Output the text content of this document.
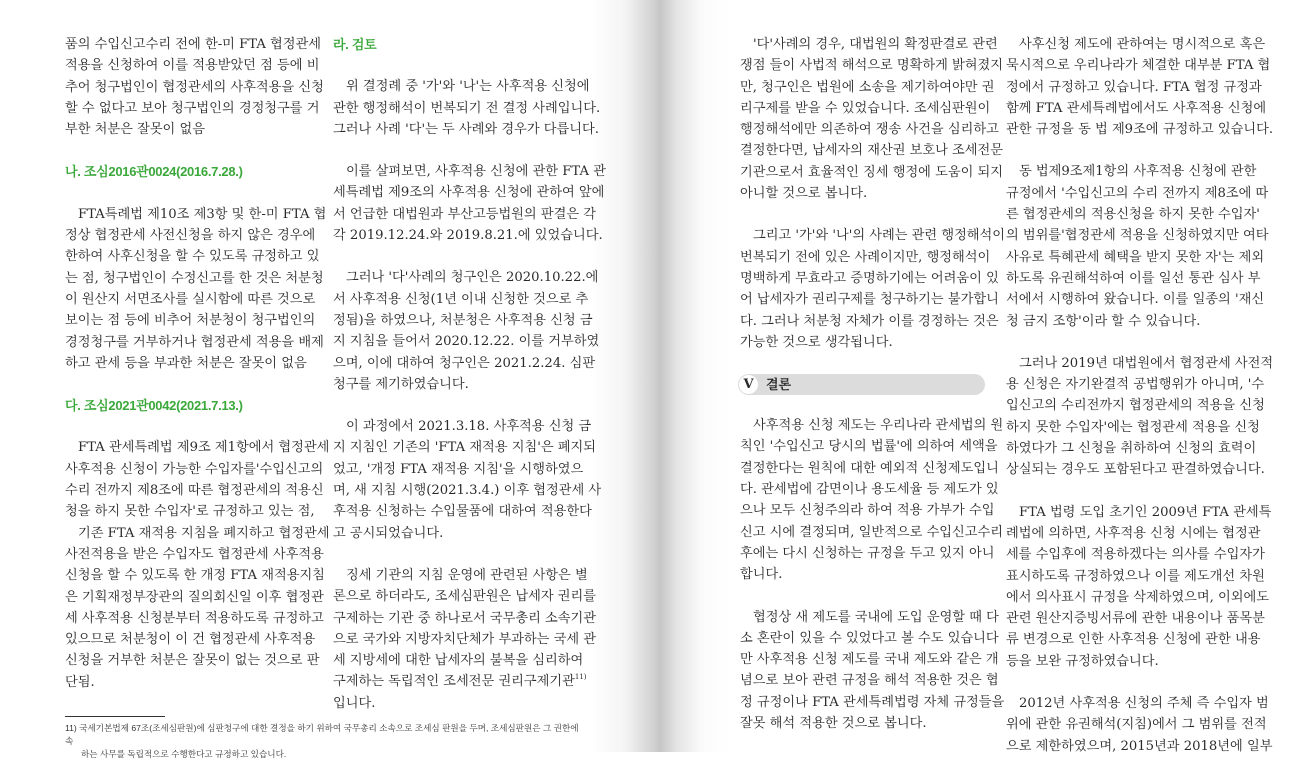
품의 수입신고수리 전에 한-미 FTA 협정관세
적용을 신청하여 이를 적용받았던 점 등에 비
추어 청구법인이 협정관세의 사후적용을 신청
할 수 없다고 보아 청구법인의 경정청구를 거
부한 처분은 잘못이 없음
나. 조심2016관0024(2016.7.28.)
FTA특례법 제10조 제3항 및 한-미 FTA 협
정상 협정관세 사전신청을 하지 않은 경우에
한하여 사후신청을 할 수 있도록 규정하고 있
는 점, 청구법인이 수정신고를 한 것은 처분청
이 원산지 서면조사를 실시함에 따른 것으로
보이는 점 등에 비추어 처분청이 청구법인의
경정청구를 거부하거나 협정관세 적용을 배제
하고 관세 등을 부과한 처분은 잘못이 없음
다. 조심2021관0042(2021.7.13.)
FTA 관세특례법 제9조 제1항에서 협정관세
사후적용 신청이 가능한 수입자를'수입신고의
수리 전까지 제8조에 따른 협정관세의 적용신
청을 하지 못한 수입자'로 규정하고 있는 점,
기존 FTA 재적용 지침을 폐지하고 협정관세
사전적용을 받은 수입자도 협정관세 사후적용
신청을 할 수 있도록 한 개정 FTA 재적용지침
은 기획재정부장관의 질의회신일 이후 협정관
세 사후적용 신청분부터 적용하도록 규정하고
있으므로 처분청이 이 건 협정관세 사후적용
신청을 거부한 처분은 잘못이 없는 것으로 판
단됨.
라. 검토
위 결정례 중 '가'와 '나'는 사후적용 신청에
관한 행정해석이 번복되기 전 결정 사례입니다.
그러나 사례 '다'는 두 사례와 경우가 다릅니다.
이를 살펴보면, 사후적용 신청에 관한 FTA 관
세특례법 제9조의 사후적용 신청에 관하여 앞에
서 언급한 대법원과 부산고등법원의 판결은 각
각 2019.12.24.와 2019.8.21.에 있었습니다.
그러나 '다'사례의 청구인은 2020.10.22.에
서 사후적용 신청(1년 이내 신청한 것으로 추
정됨)을 하였으나, 처분청은 사후적용 신청 금
지 지침을 들어서 2020.12.22. 이를 거부하였
으며, 이에 대하여 청구인은 2021.2.24. 심판
청구를 제기하였습니다.
이 과정에서 2021.3.18. 사후적용 신청 금
지 지침인 기존의 'FTA 재적용 지침'은 폐지되
었고, '개정 FTA 재적용 지침'을 시행하였으
며, 새 지침 시행(2021.3.4.) 이후 협정관세 사
후적용 신청하는 수입물품에 대하여 적용한다
고 공시되었습니다.
징세 기관의 지침 운영에 관련된 사항은 별
론으로 하더라도, 조세심판원은 납세자 권리를
구제하는 기관 중 하나로서 국무총리 소속기관
으로 국가와 지방자치단체가 부과하는 국세 관
세 지방세에 대한 납세자의 불복을 심리하여
구제하는 독립적인 조세전문 권리구제기관$^{11)}$
입니다.
'다'사례의 경우, 대법원의 확정판결로 관련
쟁점 들이 사법적 해석으로 명확하게 밝혀졌지
만, 청구인은 법원에 소송을 제기하여야만 권
리구제를 받을 수 있었습니다. 조세심판원이
행정해석에만 의존하여 쟁송 사건을 심리하고
결정한다면, 납세자의 재산권 보호나 조세전문
기관으로서 효율적인 징세 행정에 도움이 되지
아니할 것으로 봅니다.
그리고 '가'와 '나'의 사례는 관련 행정해석이
번복되기 전에 있은 사례이지만, 행정해석이
명백하게 무효라고 증명하기에는 어려움이 있
어 납세자가 권리구제를 청구하기는 불가합니
다. 그러나 처분청 자체가 이를 경정하는 것은
가능한 것으로 생각됩니다.
V 결론
사후적용 신청 제도는 우리나라 관세법의 원
칙인 '수입신고 당시의 법률'에 의하여 세액을
결정한다는 원칙에 대한 예외적 신청제도입니
다. 관세법에 감면이나 용도세율 등 제도가 있
으나 모두 신청주의라 하여 적용 가부가 수입
신고 시에 결정되며, 일반적으로 수입신고수리
후에는 다시 신청하는 규정을 두고 있지 아니
합니다.
협정상 새 제도를 국내에 도입 운영할 때 다
소 혼란이 있을 수 있었다고 볼 수도 있습니다
만 사후적용 신청 제도를 국내 제도와 같은 개
념으로 보아 관련 규정을 해석 적용한 것은 협
정 규정이나 FTA 관세특례법령 자체 규정들을
잘못 해석 적용한 것으로 봅니다.
사후신청 제도에 관하여는 명시적으로 혹은
묵시적으로 우리나라가 체결한 대부분 FTA 협
정에서 규정하고 있습니다. FTA 협정 규정과
함께 FTA 관세특례법에서도 사후적용 신청에
관한 규정을 동 법 제9조에 규정하고 있습니다.
동 법제9조제1항의 사후적용 신청에 관한
규정에서 '수입신고의 수리 전까지 제8조에 따
른 협정관세의 적용신청을 하지 못한 수입자'
의 범위를'협정관세 적용을 신청하였지만 여타
사유로 특혜관세 혜택을 받지 못한 자'는 제외
하도록 유권해석하여 이를 일선 통관 심사 부
서에서 시행하여 왔습니다. 이를 일종의 '재신
청 금지 조항'이라 할 수 있습니다.
그러나 2019년 대법원에서 협정관세 사전적
용 신청은 자기완결적 공법행위가 아니며, '수
입신고의 수리전까지 협정관세의 적용을 신청
하지 못한 수입자'에는 협정관세 적용을 신청
하였다가 그 신청을 취하하여 신청의 효력이
상실되는 경우도 포함된다고 판결하였습니다.
FTA 법령 도입 초기인 2009년 FTA 관세특
례법에 의하면, 사후적용 신청 시에는 협정관
세를 수입후에 적용하겠다는 의사를 수입자가
표시하도록 규정하였으나 이를 제도개선 차원
에서 의사표시 규정을 삭제하였으며, 이외에도
관련 원산지증빙서류에 관한 내용이나 품목분
류 변경으로 인한 사후적용 신청에 관한 내용
등을 보완 규정하였습니다.
2012년 사후적용 신청의 주체 즉 수입자 범
위에 관한 유권해석(지침)에서 그 범위를 전적
으로 제한하였으며, 2015년과 2018년에 일부
11) 국세기본법제 67조(조세심판원)에 심판청구에 대한 결정을 하기 위하여 국무총리 소속으로 조세심 판원을 두며, 조세심판원은 그 권한에 속
하는 사무를 독립적으로 수행한다고 규정하고 있습니다.
